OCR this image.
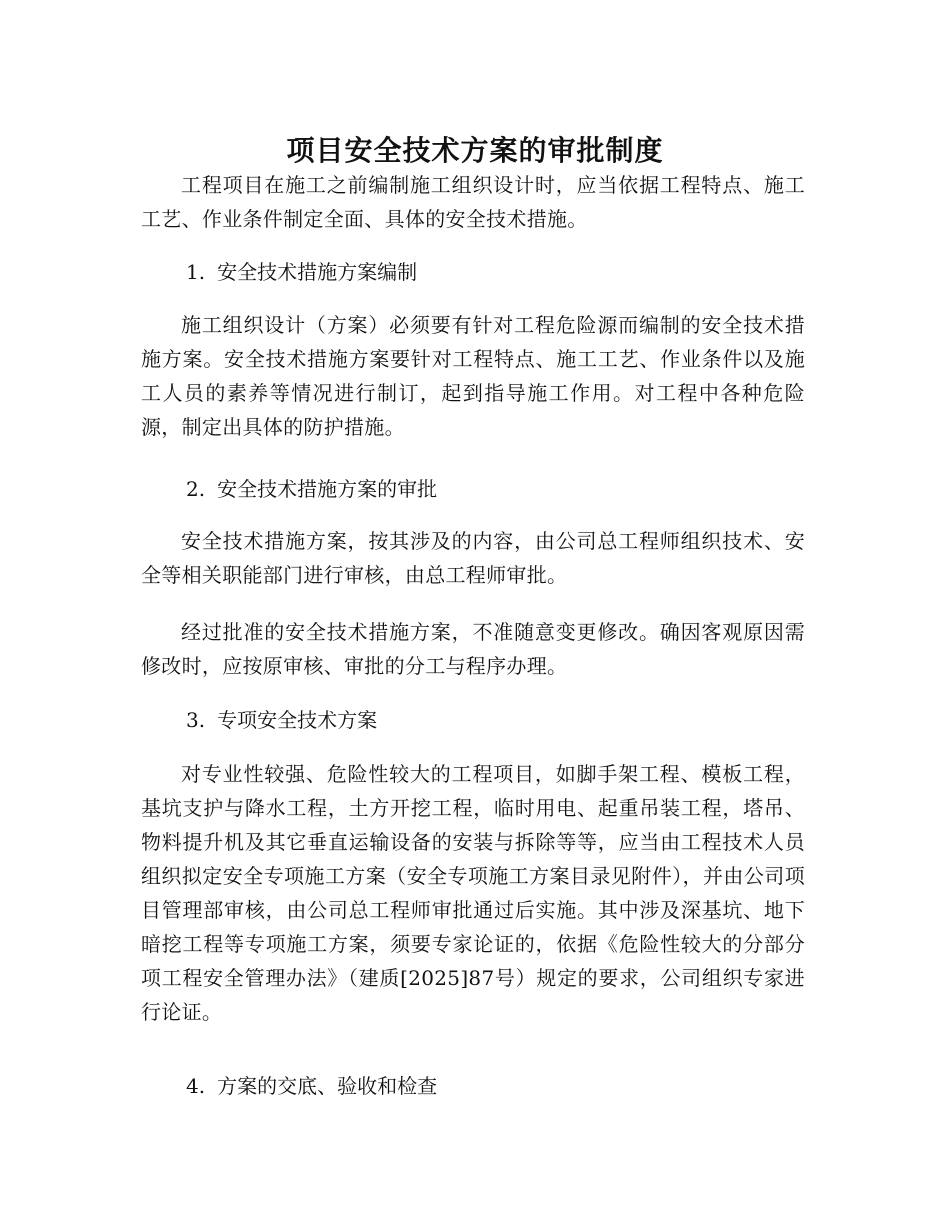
项目安全技术方案的审批制度

工程项目在施工之前编制施工组织设计时，应当依据工程特点、施工工艺、作业条件制定全面、具体的安全技术措施。

1. 安全技术措施方案编制

施工组织设计（方案）必须要有针对工程危险源而编制的安全技术措施方案。安全技术措施方案要针对工程特点、施工工艺、作业条件以及施工人员的素养等情况进行制订，起到指导施工作用。对工程中各种危险源，制定出具体的防护措施。

2. 安全技术措施方案的审批

安全技术措施方案，按其涉及的内容，由公司总工程师组织技术、安全等相关职能部门进行审核，由总工程师审批。

经过批准的安全技术措施方案，不准随意变更修改。确因客观原因需修改时，应按原审核、审批的分工与程序办理。

3. 专项安全技术方案

对专业性较强、危险性较大的工程项目，如脚手架工程、模板工程，基坑支护与降水工程，土方开挖工程，临时用电、起重吊装工程，塔吊、物料提升机及其它垂直运输设备的安装与拆除等等，应当由工程技术人员组织拟定安全专项施工方案（安全专项施工方案目录见附件），并由公司项目管理部审核，由公司总工程师审批通过后实施。其中涉及深基坑、地下暗挖工程等专项施工方案，须要专家论证的，依据《危险性较大的分部分项工程安全管理办法》（建质[2025]87号）规定的要求，公司组织专家进行论证。

4. 方案的交底、验收和检查
